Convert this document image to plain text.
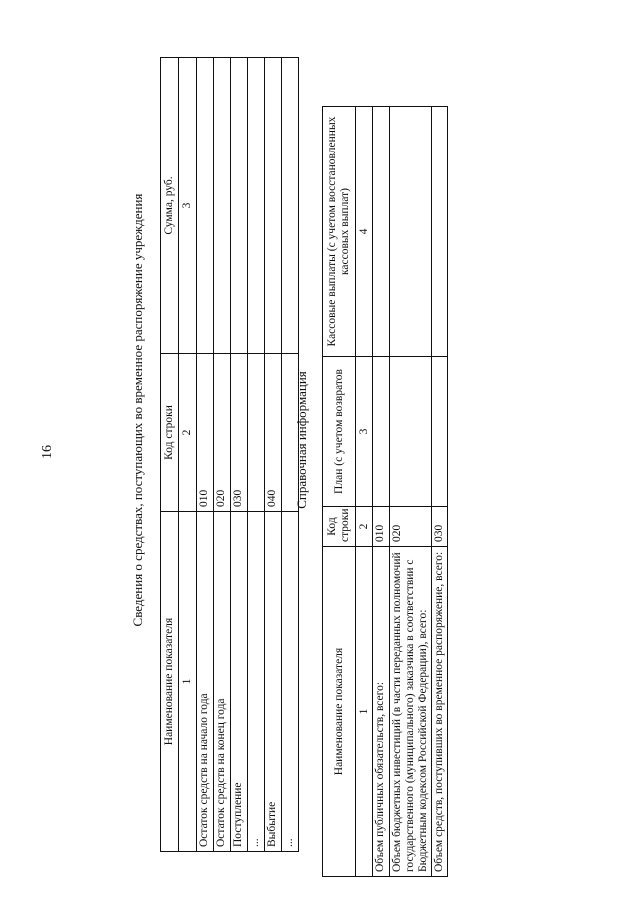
16	Сведения о средствах, поступающих во временное распоряжение учреждения
Наименование показателя	Код строки	Сумма, руб.
1	2	3
Остаток средств на начало года	010	
Остаток средств на конец года	020	
Поступление	030	
...		
Выбытие	040	
...		
Справочная информация
Наименование показателя	Код строки	План (с учетом возвратов	Кассовые выплаты (с учетом восстановленных кассовых выплат)
1	2	3	4
Объем публичных обязательств, всего:	010		
Объем бюджетных инвестиций (в части переданных полномочий государственного (муниципального) заказчика в соответствии с Бюджетным кодексом Российской Федерации), всего:	020		
Объем средств, поступивших во временное распоряжение, всего:	030		
